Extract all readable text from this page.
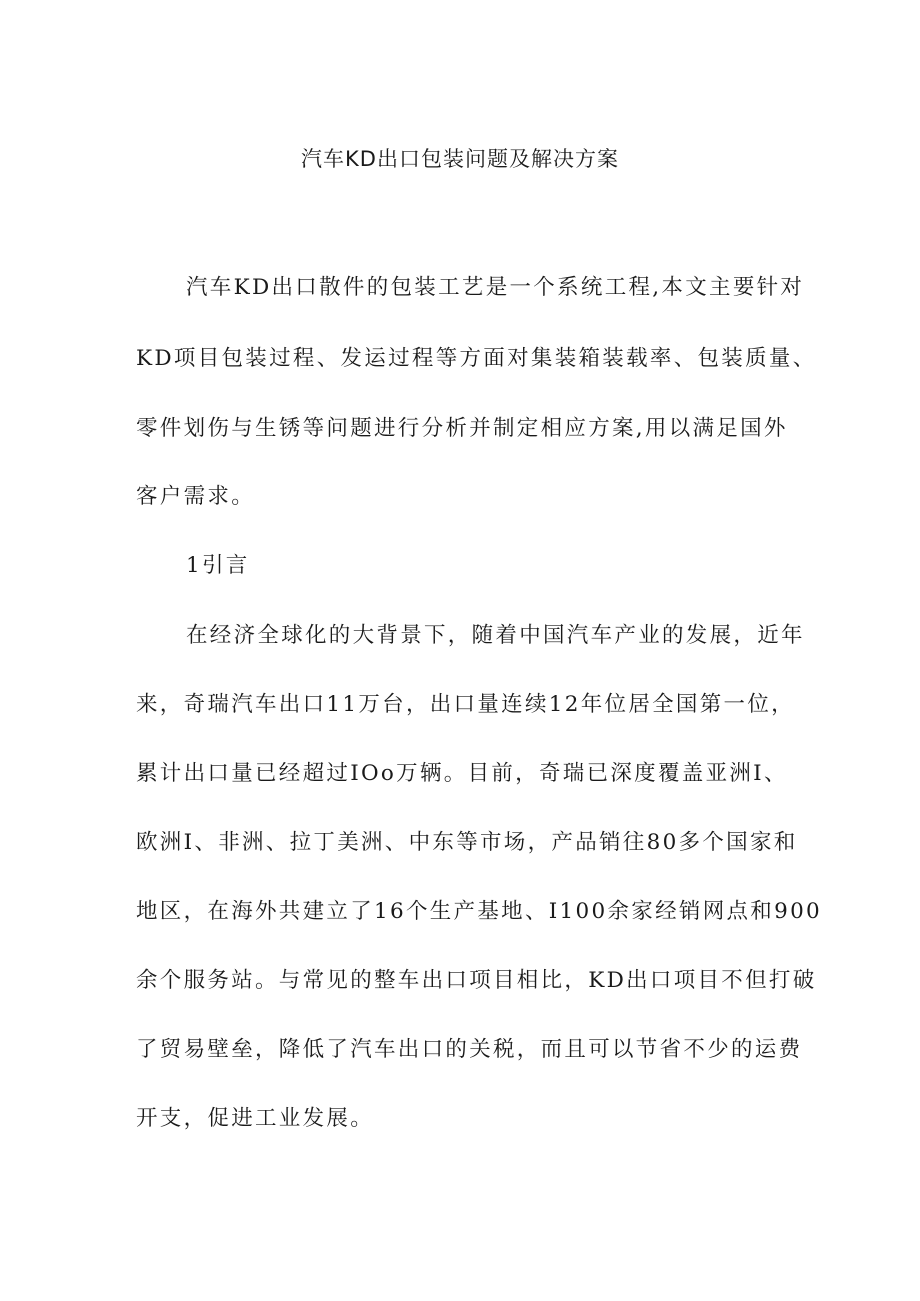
汽车KD出口包装问题及解决方案
汽车KD出口散件的包装工艺是一个系统工程,本文主要针对
KD项目包装过程、发运过程等方面对集装箱装载率、包装质量、
零件划伤与生锈等问题进行分析并制定相应方案,用以满足国外
客户需求。
1引言
在经济全球化的大背景下，随着中国汽车产业的发展，近年
来，奇瑞汽车出口11万台，出口量连续12年位居全国第一位，
累计出口量已经超过IOo万辆。目前，奇瑞已深度覆盖亚洲I、
欧洲I、非洲、拉丁美洲、中东等市场，产品销往80多个国家和
地区，在海外共建立了16个生产基地、I100余家经销网点和900
余个服务站。与常见的整车出口项目相比，KD出口项目不但打破
了贸易壁垒，降低了汽车出口的关税，而且可以节省不少的运费
开支，促进工业发展。
